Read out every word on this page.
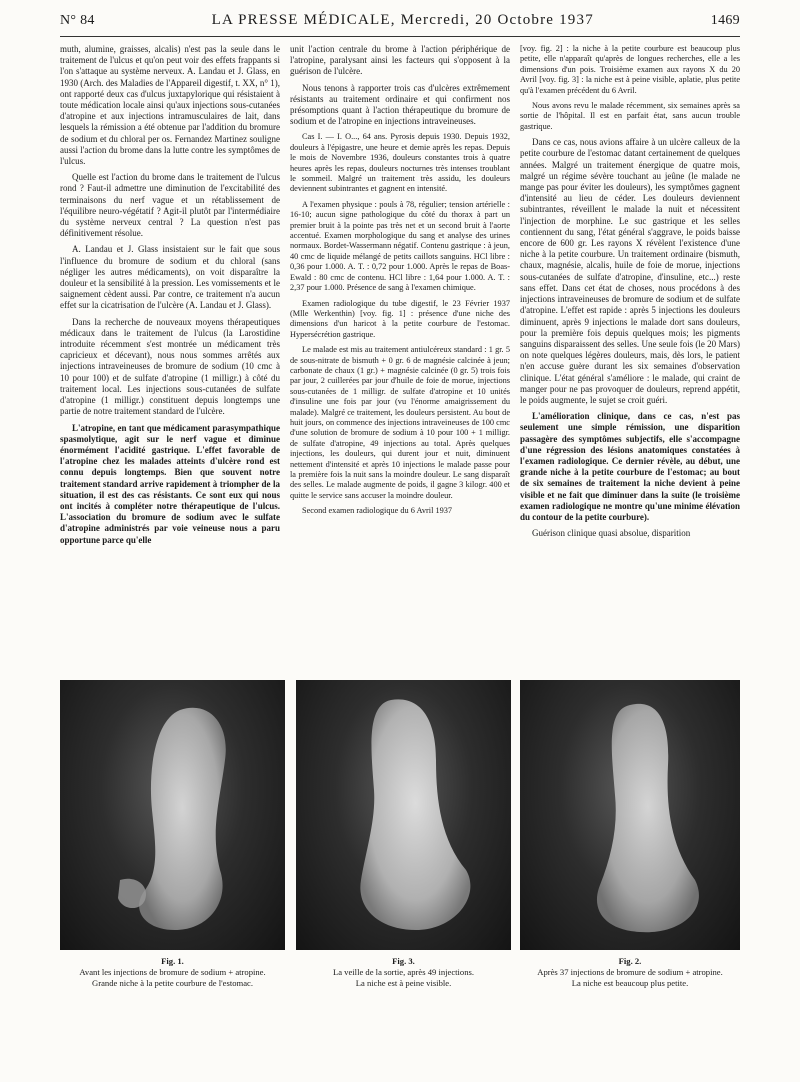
N° 84	LA PRESSE MÉDICALE, Mercredi, 20 Octobre 1937	1469

muth, alumine, graisses, alcalis) n'est pas la seule dans le traitement de l'ulcus et qu'on peut voir des effets frappants si l'on s'attaque au système nerveux. A. Landau et J. Glass, en 1930 (Arch. des Maladies de l'Appareil digestif, t. XX, n° 1), ont rapporté deux cas d'ulcus juxtapylorique qui résistaient à toute médication locale ainsi qu'aux injections sous-cutanées d'atropine et aux injections intramusculaires de lait, dans lesquels la rémission a été obtenue par l'addition du bromure de sodium et du chloral per os. Fernandez Martinez souligne aussi l'action du brome dans la lutte contre les symptômes de l'ulcus.

Quelle est l'action du brome dans le traitement de l'ulcus rond ? Faut-il admettre une diminution de l'excitabilité des terminaisons du nerf vague et un rétablissement de l'équilibre neuro-végétatif ? Agit-il plutôt par l'intermédiaire du système nerveux central ? La question n'est pas définitivement résolue.

A. Landau et J. Glass insistaient sur le fait que sous l'influence du bromure de sodium et du chloral (sans négliger les autres médicaments), on voit disparaître la douleur et la sensibilité à la pression. Les vomissements et le saignement cèdent aussi. Par contre, ce traitement n'a aucun effet sur la cicatrisation de l'ulcère (A. Landau et J. Glass).

Dans la recherche de nouveaux moyens thérapeutiques médicaux dans le traitement de l'ulcus (la Larostidine introduite récemment s'est montrée un médicament très capricieux et décevant), nous nous sommes arrêtés aux injections intraveineuses de bromure de sodium (10 cmc à 10 pour 100) et de sulfate d'atropine (1 milligr.) à côté du traitement local. Les injections sous-cutanées de sulfate d'atropine (1 milligr.) constituent depuis longtemps une partie de notre traitement standard de l'ulcère.

L'atropine, en tant que médicament parasympathique spasmolytique, agit sur le nerf vague et diminue énormément l'acidité gastrique. L'effet favorable de l'atropine chez les malades atteints d'ulcère rond est connu depuis longtemps. Bien que souvent notre traitement standard arrive rapidement à triompher de la situation, il est des cas résistants. Ce sont eux qui nous ont incités à compléter notre thérapeutique de l'ulcus. L'association du bromure de sodium avec le sulfate d'atropine administrés par voie veineuse nous a paru opportune parce qu'elle

unit l'action centrale du brome à l'action périphérique de l'atropine, paralysant ainsi les facteurs qui s'opposent à la guérison de l'ulcère.

Nous tenons à rapporter trois cas d'ulcères extrêmement résistants au traitement ordinaire et qui confirment nos présomptions quant à l'action thérapeutique du bromure de sodium et de l'atropine en injections intraveineuses.

Cas I. — I. O..., 64 ans. Pyrosis depuis 1930. Depuis 1932, douleurs à l'épigastre, une heure et demie après les repas. Depuis le mois de Novembre 1936, douleurs constantes trois à quatre heures après les repas, douleurs nocturnes très intenses troublant le sommeil. Malgré un traitement très assidu, les douleurs deviennent subintrantes et gagnent en intensité.

A l'examen physique : pouls à 78, régulier; tension artérielle : 16-10; aucun signe pathologique du côté du thorax à part un premier bruit à la pointe pas très net et un second bruit à l'aorte accentué. Examen morphologique du sang et analyse des urines normaux. Bordet-Wassermann négatif. Contenu gastrique : à jeun, 40 cmc de liquide mélangé de petits caillots sanguins. HCl libre : 0,36 pour 1.000. A. T. : 0,72 pour 1.000. Après le repas de Boas-Ewald : 80 cmc de contenu. HCl libre : 1,64 pour 1.000. A. T. : 2,37 pour 1.000. Présence de sang à l'examen chimique.

Examen radiologique du tube digestif, le 23 Février 1937 (Mlle Werkenthin) [voy. fig. 1] : présence d'une niche des dimensions d'un haricot à la petite courbure de l'estomac. Hypersécrétion gastrique.

Le malade est mis au traitement antiulcéreux standard : 1 gr. 5 de sous-nitrate de bismuth + 0 gr. 6 de magnésie calcinée à jeun; carbonate de chaux (1 gr.) + magnésie calcinée (0 gr. 5) trois fois par jour, 2 cuillerées par jour d'huile de foie de morue, injections sous-cutanées de 1 milligr. de sulfate d'atropine et 10 unités d'insuline une fois par jour (vu l'énorme amaigrissement du malade). Malgré ce traitement, les douleurs persistent. Au bout de huit jours, on commence des injections intraveineuses de 100 cmc d'une solution de bromure de sodium à 10 pour 100 + 1 milligr. de sulfate d'atropine, 49 injections au total. Après quelques injections, les douleurs, qui durent jour et nuit, diminuent nettement d'intensité et après 10 injections le malade passe pour la première fois la nuit sans la moindre douleur. Le sang disparaît des selles. Le malade augmente de poids, il gagne 3 kilogr. 400 et quitte le service sans accuser la moindre douleur.

Second examen radiologique du 6 Avril 1937

[voy. fig. 2] : la niche à la petite courbure est beaucoup plus petite, elle n'apparaît qu'après de longues recherches, elle a les dimensions d'un pois. Troisième examen aux rayons X du 20 Avril [voy. fig. 3] : la niche est à peine visible, aplatie, plus petite qu'à l'examen précédent du 6 Avril.

Nous avons revu le malade récemment, six semaines après sa sortie de l'hôpital. Il est en parfait état, sans aucun trouble gastrique.

Dans ce cas, nous avions affaire à un ulcère calleux de la petite courbure de l'estomac datant certainement de quelques années. Malgré un traitement énergique de quatre mois, malgré un régime sévère touchant au jeûne (le malade ne mange pas pour éviter les douleurs), les symptômes gagnent d'intensité au lieu de céder. Les douleurs deviennent subintrantes, réveillent le malade la nuit et nécessitent l'injection de morphine. Le suc gastrique et les selles contiennent du sang, l'état général s'aggrave, le poids baisse encore de 600 gr. Les rayons X révèlent l'existence d'une niche à la petite courbure. Un traitement ordinaire (bismuth, chaux, magnésie, alcalis, huile de foie de morue, injections sous-cutanées de sulfate d'atropine, d'insuline, etc...) reste sans effet. Dans cet état de choses, nous procédons à des injections intraveineuses de bromure de sodium et de sulfate d'atropine. L'effet est rapide : après 5 injections les douleurs diminuent, après 9 injections le malade dort sans douleurs, pour la première fois depuis quelques mois; les pigments sanguins disparaissent des selles. Une seule fois (le 20 Mars) on note quelques légères douleurs, mais, dès lors, le patient n'en accuse guère durant les six semaines d'observation clinique. L'état général s'améliore : le malade, qui craint de manger pour ne pas provoquer de douleurs, reprend appétit, le poids augmente, le sujet se croit guéri.

L'amélioration clinique, dans ce cas, n'est pas seulement une simple rémission, une disparition passagère des symptômes subjectifs, elle s'accompagne d'une régression des lésions anatomiques constatées à l'examen radiologique. Ce dernier révèle, au début, une grande niche à la petite courbure de l'estomac; au bout de six semaines de traitement la niche devient à peine visible et ne fait que diminuer dans la suite (le troisième examen radiologique ne montre qu'une minime élévation du contour de la petite courbure).

Guérison clinique quasi absolue, disparition

Fig. 1.
Avant les injections de bromure de sodium + atropine.
Grande niche à la petite courbure de l'estomac.
Fig. 3.
La veille de la sortie, après 49 injections.
La niche est à peine visible.
Fig. 2.
Après 37 injections de bromure de sodium + atropine.
La niche est beaucoup plus petite.
